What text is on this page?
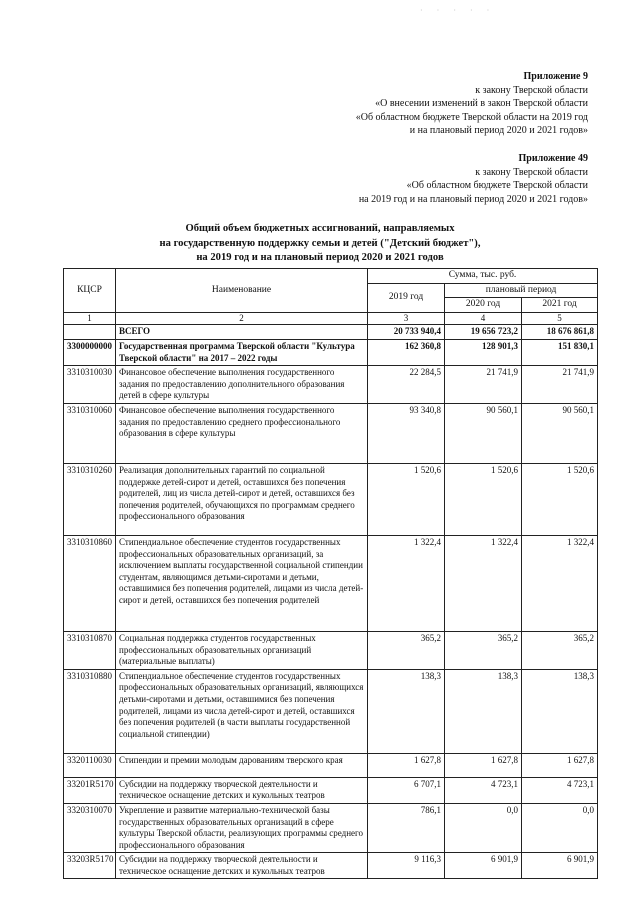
· · · · ·
Приложение 9
к закону Тверской области
«О внесении изменений в закон Тверской области
«Об областном бюджете Тверской области на 2019 год
и на плановый период 2020 и 2021 годов»
Приложение 49
к закону Тверской области
«Об областном бюджете Тверской области
на 2019 год и на плановый период 2020 и 2021 годов»
Общий объем бюджетных ассигнований, направляемых
на государственную поддержку семьи и детей ("Детский бюджет"),
на 2019 год и на плановый период 2020 и 2021 годов
КЦСР	Наименование	Сумма, тыс. руб.		
		2019 год	плановый период	
			2020 год	2021 год
1	2	3	4	5
	ВСЕГО	20 733 940,4	19 656 723,2	18 676 861,8
3300000000	Государственная программа Тверской области "Культура Тверской области" на 2017 – 2022 годы	162 360,8	128 901,3	151 830,1
3310310030	Финансовое обеспечение выполнения государственного задания по предоставлению дополнительного образования детей в сфере культуры	22 284,5	21 741,9	21 741,9
3310310060	Финансовое обеспечение выполнения государственного задания по предоставлению среднего профессионального образования в сфере культуры	93 340,8	90 560,1	90 560,1
3310310260	Реализация дополнительных гарантий по социальной поддержке детей-сирот и детей, оставшихся без попечения родителей, лиц из числа детей-сирот и детей, оставшихся без попечения родителей, обучающихся по программам среднего профессионального образования	1 520,6	1 520,6	1 520,6
3310310860	Стипендиальное обеспечение студентов государственных профессиональных образовательных организаций, за исключением выплаты государственной социальной стипендии студентам, являющимся детьми-сиротами и детьми, оставшимися без попечения родителей, лицами из числа детей-сирот и детей, оставшихся без попечения родителей	1 322,4	1 322,4	1 322,4
3310310870	Социальная поддержка студентов государственных профессиональных образовательных организаций (материальные выплаты)	365,2	365,2	365,2
3310310880	Стипендиальное обеспечение студентов государственных профессиональных образовательных организаций, являющихся детьми-сиротами и детьми, оставшимися без попечения родителей, лицами из числа детей-сирот и детей, оставшихся без попечения родителей (в части выплаты государственной социальной стипендии)	138,3	138,3	138,3
3320110030	Стипендии и премии молодым дарованиям тверского края	1 627,8	1 627,8	1 627,8
33201R5170	Субсидии на поддержку творческой деятельности и техническое оснащение детских и кукольных театров	6 707,1	4 723,1	4 723,1
3320310070	Укрепление и развитие материально-технической базы государственных образовательных организаций в сфере культуры Тверской области, реализующих программы среднего профессионального образования	786,1	0,0	0,0
33203R5170	Субсидии на поддержку творческой деятельности и техническое оснащение детских и кукольных театров	9 116,3	6 901,9	6 901,9
